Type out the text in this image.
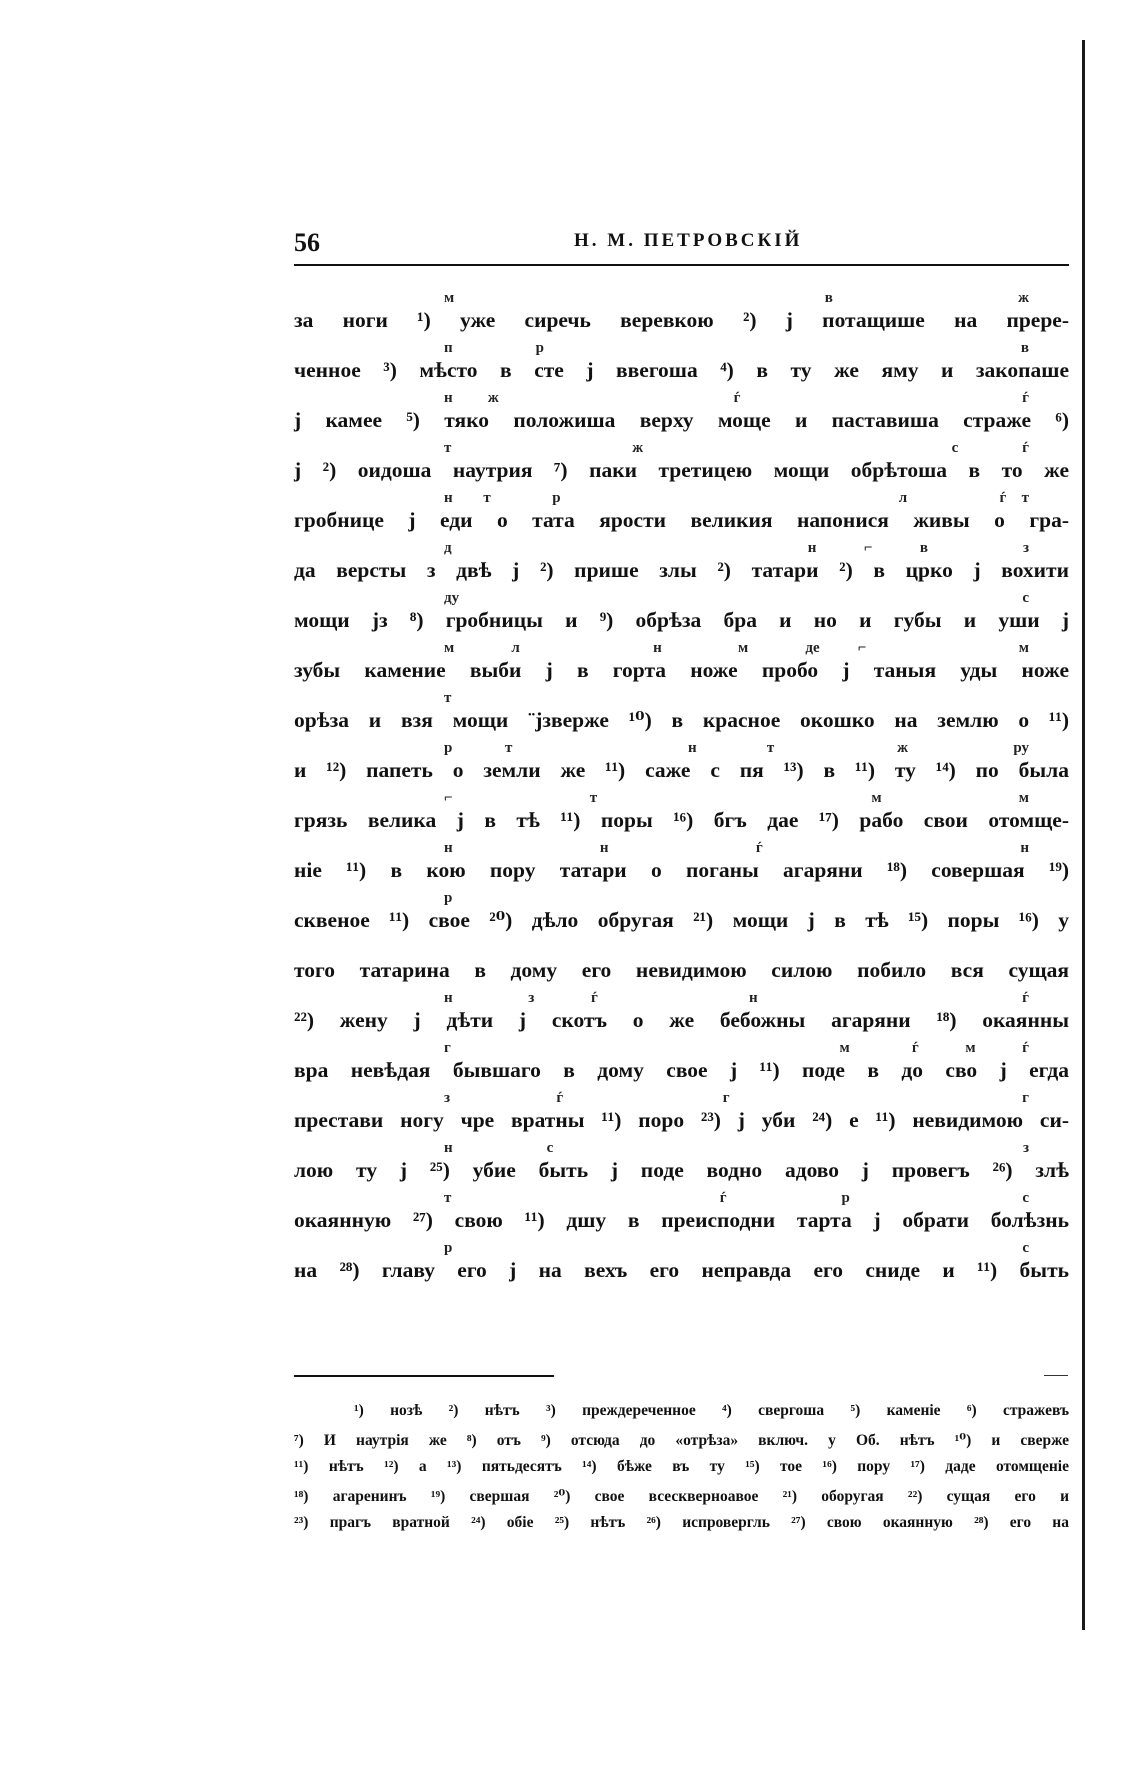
56	Н. М. ПЕТРОВСКІЙ
м                    в          ж
за ноги ¹) уже сиречь веревкою ²) ј потащише на прере-
п    р                       в
ченное ³) мѣсто в сте ј ввегоша ⁴) в ту же яму и закопаше
н   ж                    ѓ                        ѓ
ј камее ⁵) тяко положиша верху моще и паставиша страже ⁶)
т                 ж                             с      ѓ
ј ²) оидоша наутрия ⁷) паки третицею мощи обрѣтоша в то же
н  т    р                      л      ѓ т
гробнице ј еди о тата ярости великия напонися живы о гра-
д               н  ⌐  в    з
да версты з двѣ ј ²) прише злы ²) татари ²) в црко ј вохити
ду    с
мощи јз ⁸) гробницы и ⁹) обрѣза бра и но и губы и уши ј
м   л       н    м   де  ⌐        м
зубы камение выби ј в горта ноже пробо ј таныя уды ноже
т
орѣза и взя мощи ¨јзверже ¹⁰) в красное окошко на землю о ¹¹)
р   т          н    т       ж      ру
и ¹²) папеть о земли же ¹¹) саже с пя ¹³) в ¹¹) ту ¹⁴) по была
⌐    т        м    м
грязь велика ј в тѣ ¹¹) поры ¹⁶) бгъ дае ¹⁷) рабо свои отомще-
н    н    ѓ       н
ніе ¹¹) в кою пору татари о поганы агаряни ¹⁸) совершая ¹⁹)
р
сквеное ¹¹) свое ²⁰) дѣло обругая ²¹) мощи ј в тѣ ¹⁵) поры ¹⁶) у
того татарина в дому его невидимою силою побило вся сущая
н    з   ѓ        н              ѓ
²²) жену ј дѣти ј скотъ о же бебожны агаряни ¹⁸) окаянны
г                         м    ѓ   м   ѓ
вра невѣдая бывшаго в дому свое ј ¹¹) поде в до сво ј егда
з    ѓ      г           г
престави ногу чре вратны ¹¹) поро ²³) ј уби ²⁴) е ¹¹) невидимою си-
н     с                         з
лою ту ј ²⁵) убие быть ј поде водно адово ј провегъ ²⁶) злѣ
т              ѓ      р         с
окаянную ²⁷) свою ¹¹) дшу в преисподни тарта ј обрати болѣзнь
р                                          с
на ²⁸) главу его ј на вехъ его неправда его сниде и ¹¹) быть
¹) нозѣ ²) нѣтъ ³) преждереченное ⁴) свергоша ⁵) каменіе ⁶) стражевъ
⁷) И наутрія же ⁸) отъ ⁹) отсюда до «отрѣза» включ. у Об. нѣтъ ¹⁰) и сверже
¹¹) нѣтъ ¹²) а ¹³) пятьдесятъ ¹⁴) бѣже въ ту ¹⁵) тое ¹⁶) пору ¹⁷) даде отомщеніе
¹⁸) агаренинъ ¹⁹) свершая ²⁰) свое всескверноавое ²¹) оборугая ²²) сущая его и
²³) прагъ вратной ²⁴) обіе ²⁵) нѣтъ ²⁶) испровергль ²⁷) свою окаянную ²⁸) его на
